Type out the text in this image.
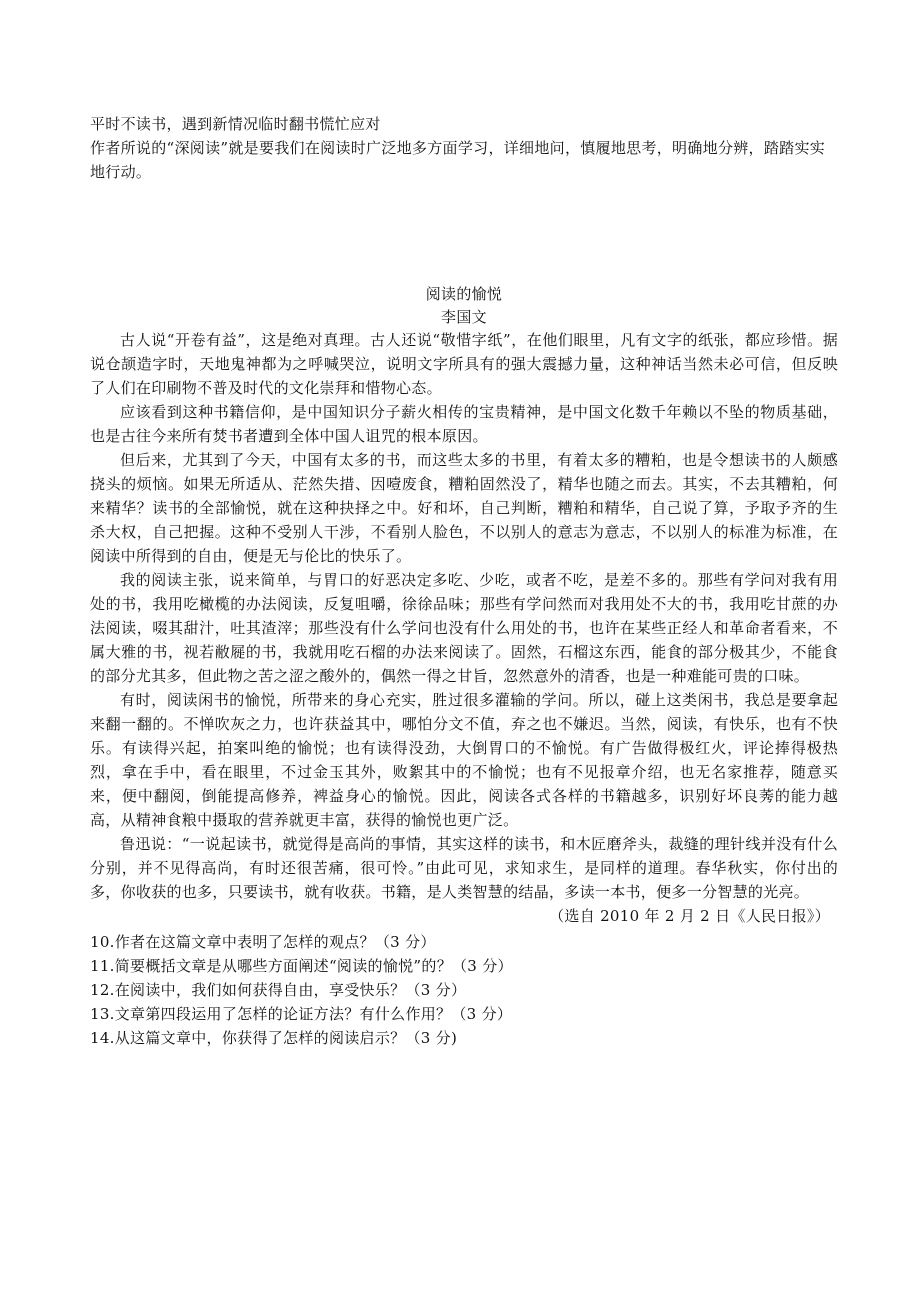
平时不读书，遇到新情况临时翻书慌忙应对

作者所说的“深阅读”就是要我们在阅读时广泛地多方面学习，详细地问，慎履地思考，明确地分辨，踏踏实实地行动。

阅读的愉悦

李国文

古人说“开卷有益”，这是绝对真理。古人还说“敬惜字纸”，在他们眼里，凡有文字的纸张，都应珍惜。据说仓颉造字时，天地鬼神都为之呼喊哭泣，说明文字所具有的强大震撼力量，这种神话当然未必可信，但反映了人们在印刷物不普及时代的文化崇拜和惜物心态。

应该看到这种书籍信仰，是中国知识分子薪火相传的宝贵精神，是中国文化数千年赖以不坠的物质基础，也是古往今来所有焚书者遭到全体中国人诅咒的根本原因。

但后来，尤其到了今天，中国有太多的书，而这些太多的书里，有着太多的糟粕，也是令想读书的人颇感挠头的烦恼。如果无所适从、茫然失措、因噎废食，糟粕固然没了，精华也随之而去。其实，不去其糟粕，何来精华？读书的全部愉悦，就在这种抉择之中。好和坏，自己判断，糟粕和精华，自己说了算，予取予齐的生杀大权，自己把握。这种不受别人干涉，不看别人脸色，不以别人的意志为意志，不以别人的标准为标准，在阅读中所得到的自由，便是无与伦比的快乐了。

我的阅读主张，说来简单，与胃口的好恶决定多吃、少吃，或者不吃，是差不多的。那些有学问对我有用处的书，我用吃橄榄的办法阅读，反复咀嚼，徐徐品味；那些有学问然而对我用处不大的书，我用吃甘蔗的办法阅读，啜其甜汁，吐其渣滓；那些没有什么学问也没有什么用处的书，也许在某些正经人和革命者看来，不属大雅的书，视若敝屣的书，我就用吃石榴的办法来阅读了。固然，石榴这东西，能食的部分极其少，不能食的部分尤其多，但此物之苦之涩之酸外的，偶然一得之甘旨，忽然意外的清香，也是一种难能可贵的口味。

有时，阅读闲书的愉悦，所带来的身心充实，胜过很多灌输的学问。所以，碰上这类闲书，我总是要拿起来翻一翻的。不惮吹灰之力，也许获益其中，哪怕分文不值，弃之也不嫌迟。当然，阅读，有快乐，也有不快乐。有读得兴起，拍案叫绝的愉悦；也有读得没劲，大倒胃口的不愉悦。有广告做得极红火，评论捧得极热烈，拿在手中，看在眼里，不过金玉其外，败絮其中的不愉悦；也有不见报章介绍，也无名家推荐，随意买来，便中翻阅，倒能提高修养，裨益身心的愉悦。因此，阅读各式各样的书籍越多，识别好坏良莠的能力越高，从精神食粮中摄取的营养就更丰富，获得的愉悦也更广泛。

鲁迅说：“一说起读书，就觉得是高尚的事情，其实这样的读书，和木匠磨斧头，裁缝的理针线并没有什么分别，并不见得高尚，有时还很苦痛，很可怜。”由此可见，求知求生，是同样的道理。春华秋实，你付出的多，你收获的也多，只要读书，就有收获。书籍，是人类智慧的结晶，多读一本书，便多一分智慧的光亮。

（选自 2010 年 2 月 2 日《人民日报》）

10.作者在这篇文章中表明了怎样的观点？（3 分）
11.简要概括文章是从哪些方面阐述“阅读的愉悦”的？（3 分）
12.在阅读中，我们如何获得自由，享受快乐？（3 分）
13.文章第四段运用了怎样的论证方法？有什么作用？（3 分）
14.从这篇文章中，你获得了怎样的阅读启示？（3 分)
